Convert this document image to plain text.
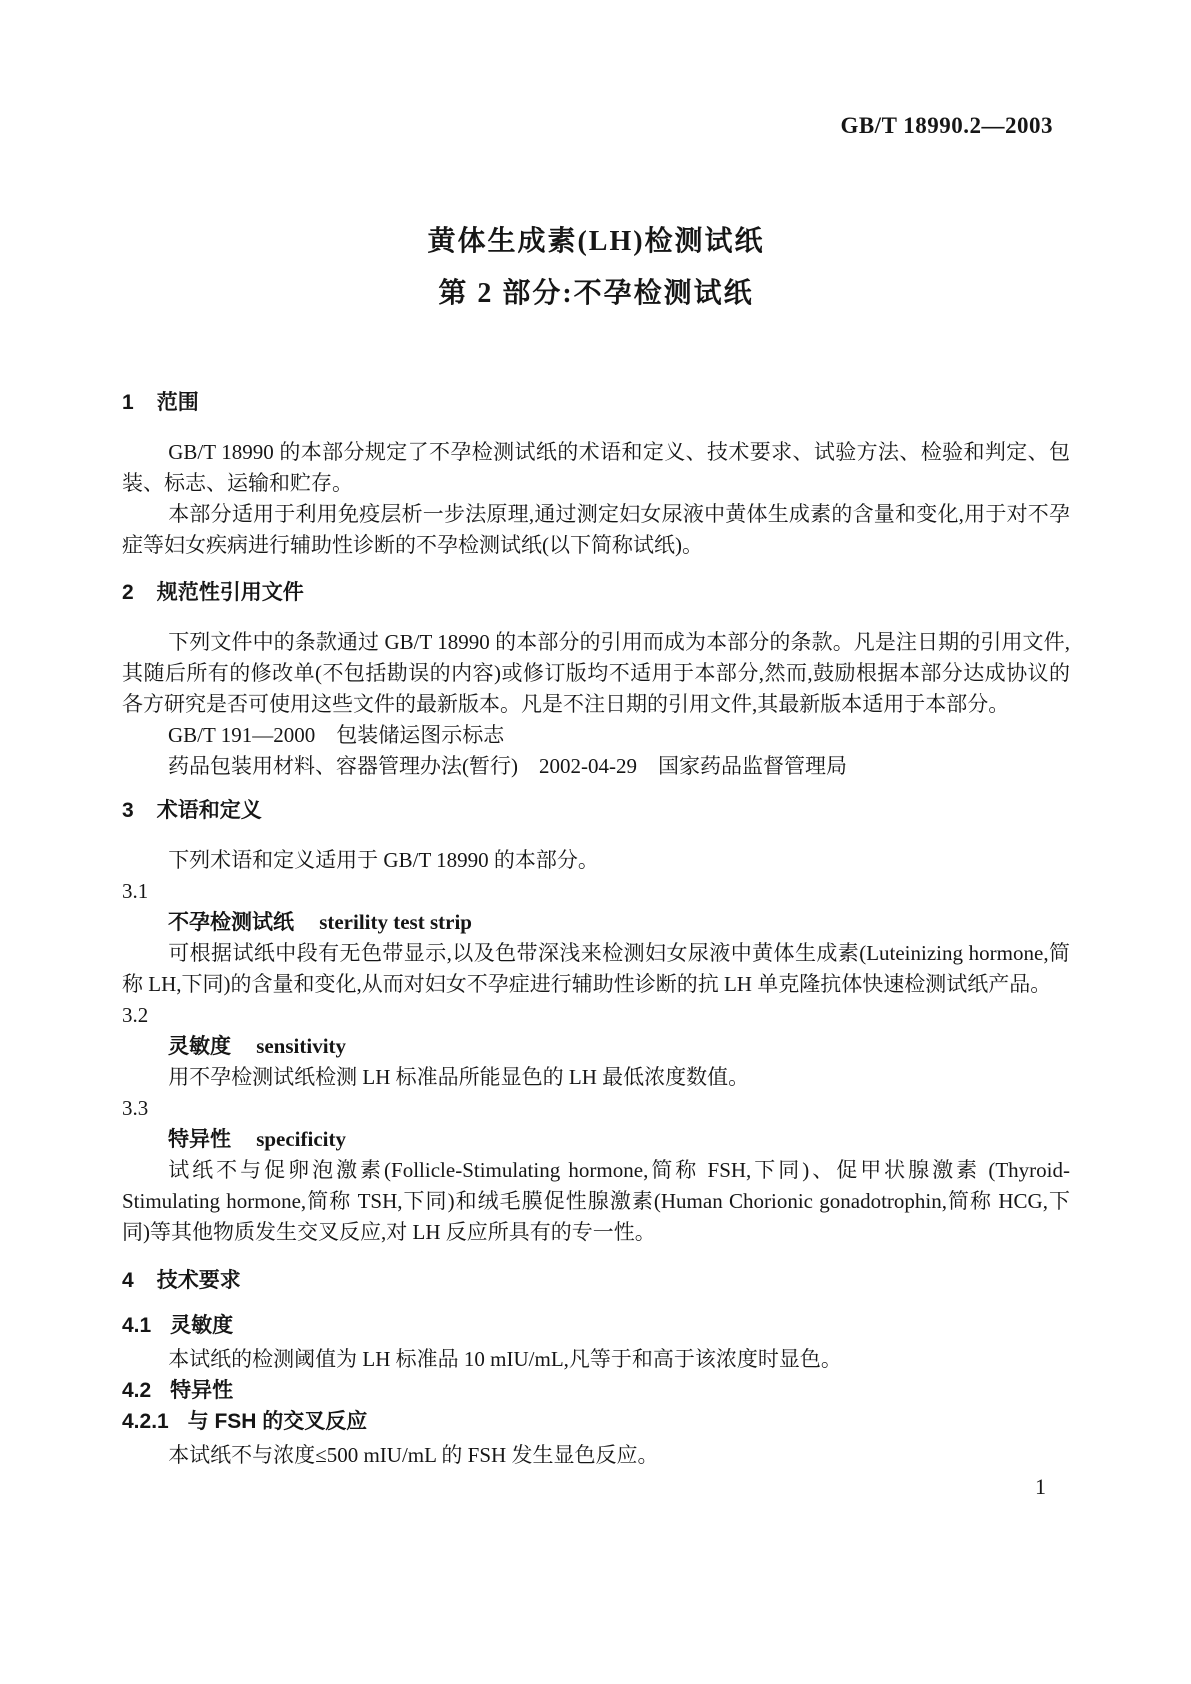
GB/T 18990.2—2003
黄体生成素(LH)检测试纸
第 2 部分:不孕检测试纸
1 范围

GB/T 18990 的本部分规定了不孕检测试纸的术语和定义、技术要求、试验方法、检验和判定、包装、标志、运输和贮存。

本部分适用于利用免疫层析一步法原理,通过测定妇女尿液中黄体生成素的含量和变化,用于对不孕症等妇女疾病进行辅助性诊断的不孕检测试纸(以下简称试纸)。

2 规范性引用文件

下列文件中的条款通过 GB/T 18990 的本部分的引用而成为本部分的条款。凡是注日期的引用文件,其随后所有的修改单(不包括勘误的内容)或修订版均不适用于本部分,然而,鼓励根据本部分达成协议的各方研究是否可使用这些文件的最新版本。凡是不注日期的引用文件,其最新版本适用于本部分。

GB/T 191—2000　包装储运图示标志
药品包装用材料、容器管理办法(暂行)　2002-04-29　国家药品监督管理局
3 术语和定义

下列术语和定义适用于 GB/T 18990 的本部分。

3.1
不孕检测试纸 sterility test strip

可根据试纸中段有无色带显示,以及色带深浅来检测妇女尿液中黄体生成素(Luteinizing hormone,简称 LH,下同)的含量和变化,从而对妇女不孕症进行辅助性诊断的抗 LH 单克隆抗体快速检测试纸产品。

3.2
灵敏度 sensitivity

用不孕检测试纸检测 LH 标准品所能显色的 LH 最低浓度数值。

3.3
特异性 specificity

试纸不与促卵泡激素(Follicle-Stimulating hormone,简称 FSH,下同)、促甲状腺激素 (Thyroid-Stimulating hormone,简称 TSH,下同)和绒毛膜促性腺激素(Human Chorionic gonadotrophin,简称 HCG,下同)等其他物质发生交叉反应,对 LH 反应所具有的专一性。

4 技术要求
4.1 灵敏度

本试纸的检测阈值为 LH 标准品 10 mIU/mL,凡等于和高于该浓度时显色。

4.2 特异性
4.2.1 与 FSH 的交叉反应

本试纸不与浓度≤500 mIU/mL 的 FSH 发生显色反应。

1
